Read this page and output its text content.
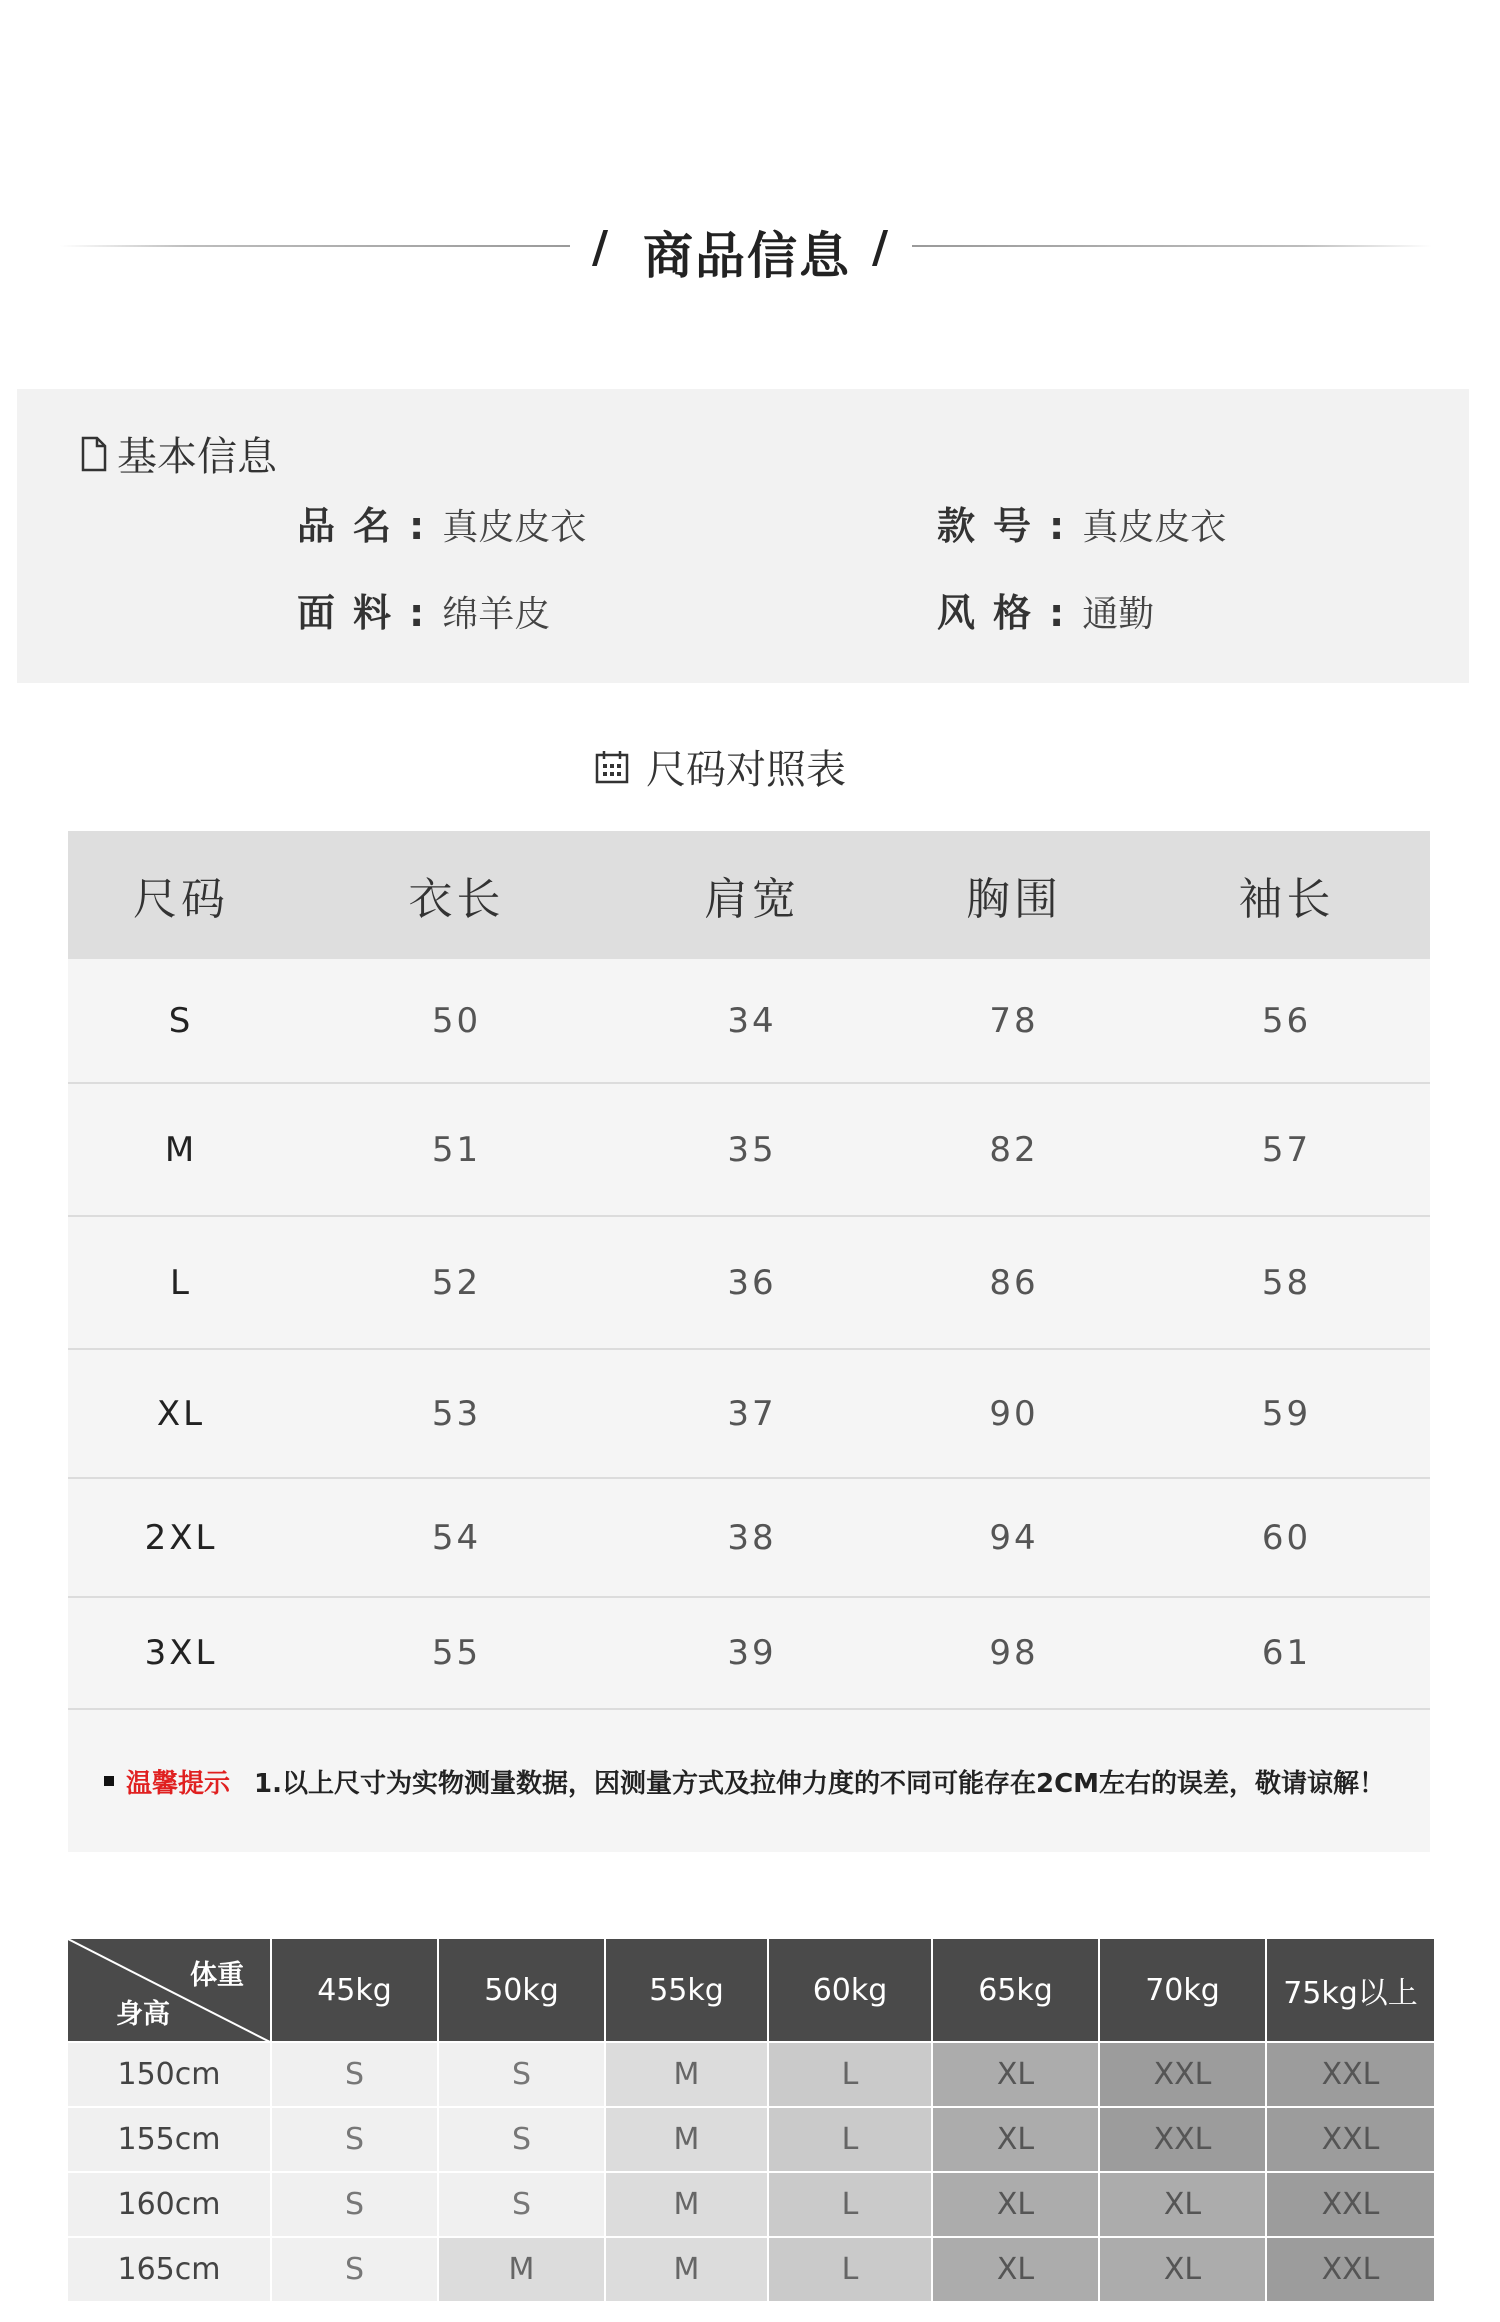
/ 商品信息 /
基本信息
品名: 真皮皮衣	款号: 真皮皮衣
面料: 绵羊皮	风格: 通勤
尺码对照表
尺码	衣长	肩宽	胸围	袖长
S	50	34	78	56
M	51	35	82	57
L	52	36	86	58
XL	53	37	90	59
2XL	54	38	94	60
3XL	55	39	98	61
温馨提示 1.以上尺寸为实物测量数据，因测量方式及拉伸力度的不同可能存在2CM左右的误差，敬请谅解！
体重
身高
45kg	50kg	55kg	60kg	65kg	70kg	75kg以上
150cm	S	S	M	L	XL	XXL	XXL
155cm	S	S	M	L	XL	XXL	XXL
160cm	S	S	M	L	XL	XL	XXL
165cm	S	M	M	L	XL	XL	XXL
